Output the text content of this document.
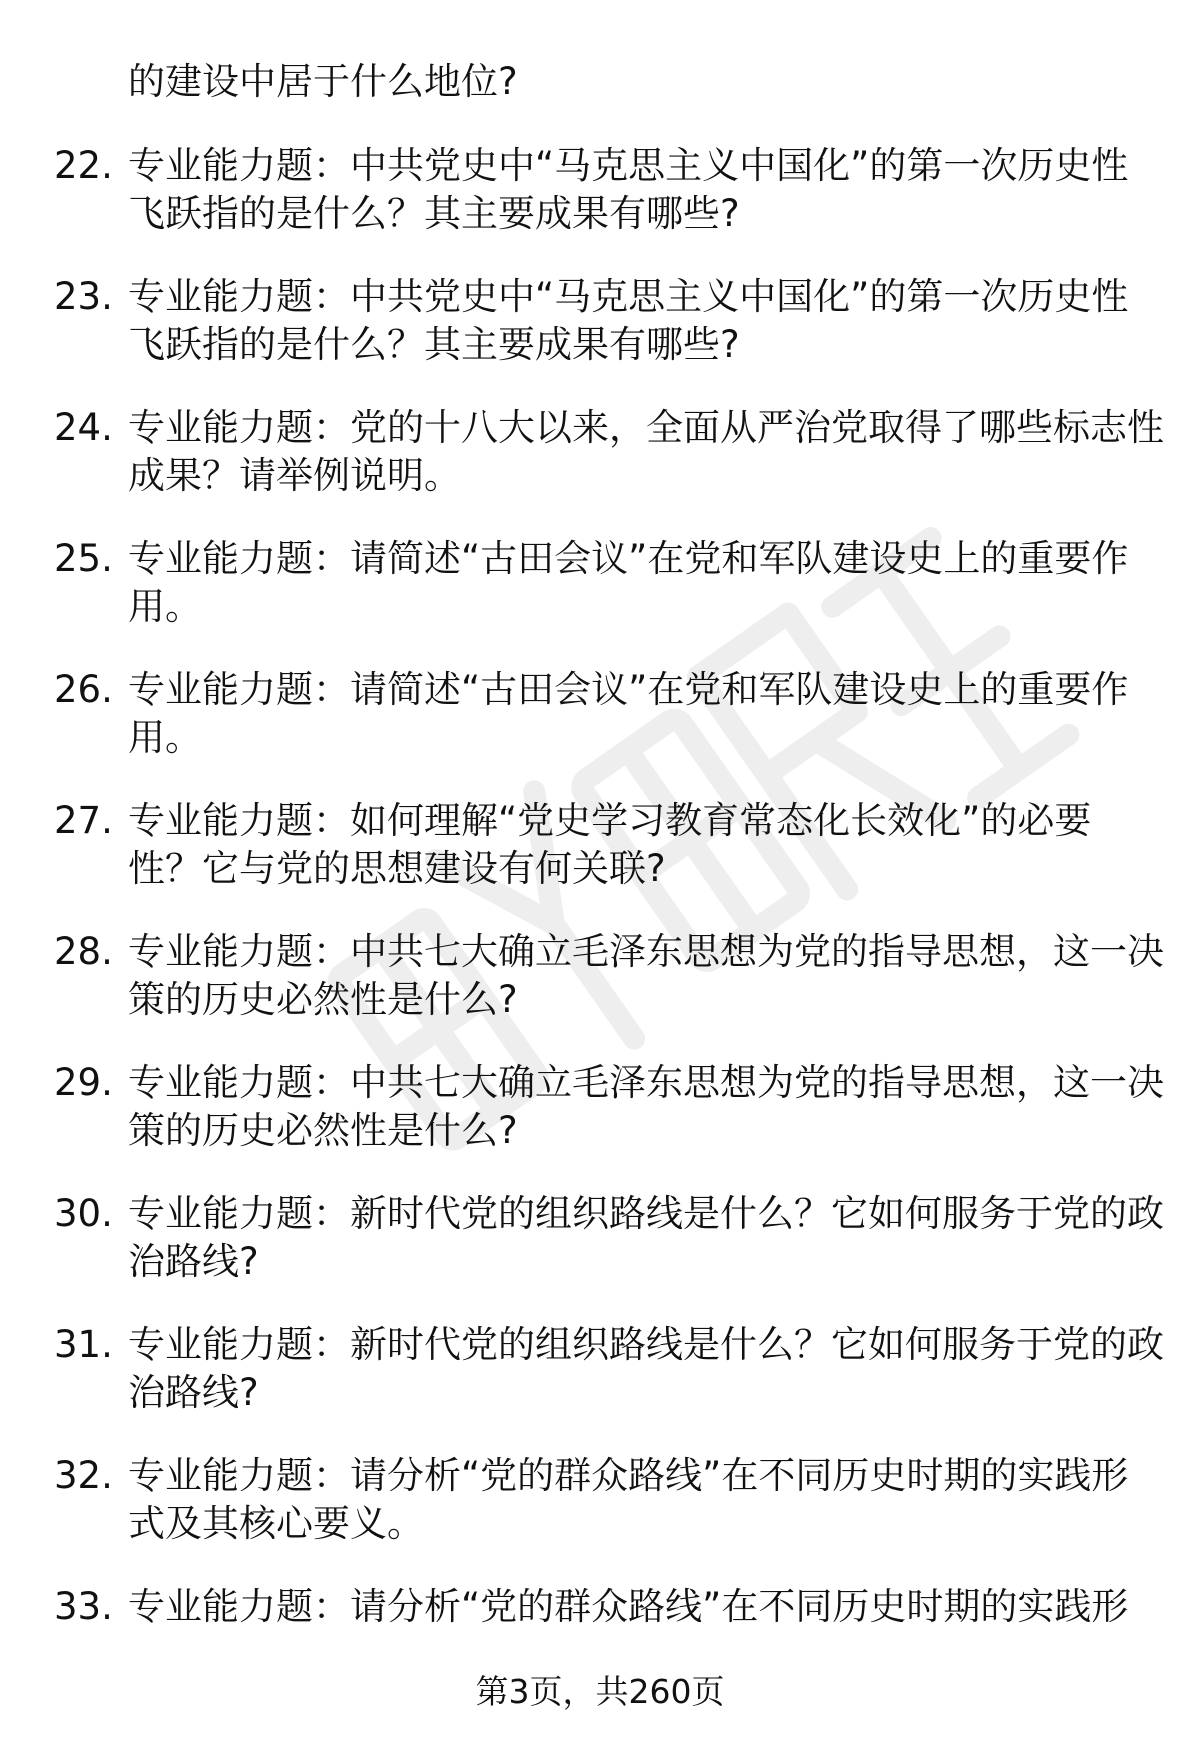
的建设中居于什么地位?
22. 专业能力题：中共党史中“马克思主义中国化”的第一次历史性
飞跃指的是什么？其主要成果有哪些?
23. 专业能力题：中共党史中“马克思主义中国化”的第一次历史性
飞跃指的是什么？其主要成果有哪些?
24. 专业能力题：党的十八大以来，全面从严治党取得了哪些标志性
成果？请举例说明。
25. 专业能力题：请简述“古田会议”在党和军队建设史上的重要作
用。
26. 专业能力题：请简述“古田会议”在党和军队建设史上的重要作
用。
27. 专业能力题：如何理解“党史学习教育常态化长效化”的必要
性？它与党的思想建设有何关联?
28. 专业能力题：中共七大确立毛泽东思想为党的指导思想，这一决
策的历史必然性是什么?
29. 专业能力题：中共七大确立毛泽东思想为党的指导思想，这一决
策的历史必然性是什么?
30. 专业能力题：新时代党的组织路线是什么？它如何服务于党的政
治路线?
31. 专业能力题：新时代党的组织路线是什么？它如何服务于党的政
治路线?
32. 专业能力题：请分析“党的群众路线”在不同历史时期的实践形
式及其核心要义。
33. 专业能力题：请分析“党的群众路线”在不同历史时期的实践形
第3页，共260页
